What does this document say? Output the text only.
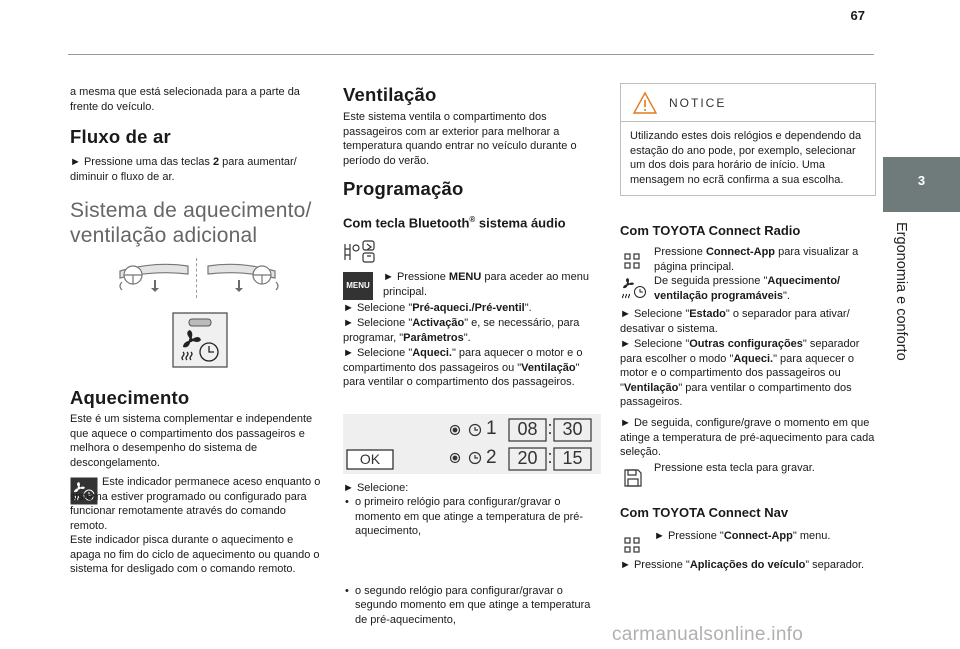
67
3
Ergonomia e conforto

a mesma que está selecionada para a parte da frente do veículo.

Fluxo de ar

► Pressione uma das teclas 2 para aumentar/ diminuir o fluxo de ar.

Sistema de aquecimento/
ventilação adicional
Aquecimento

Este é um sistema complementar e independente que aquece o compartimento dos passageiros e melhora o desempenho do sistema de descongelamento.

Este indicador permanece aceso enquanto o sistema estiver programado ou configurado para funcionar remotamente através do comando remoto.

Este indicador pisca durante o aquecimento e apaga no fim do ciclo de aquecimento ou quando o sistema for desligado com o comando remoto.

Ventilação

Este sistema ventila o compartimento dos passageiros com ar exterior para melhorar a temperatura quando entrar no veículo durante o período do verão.

Programação
Com tecla Bluetooth® sistema áudio
MENU

► Pressione MENU para aceder ao menu principal.

► Selecione "Pré-aqueci./Pré-ventil".

► Selecione "Activação" e, se necessário, para programar, "Parâmetros".

► Selecione "Aqueci." para aquecer o motor e o compartimento dos passageiros ou "Ventilação" para ventilar o compartimento dos passageiros.

OK
1
2
08 : 30
20 : 15

► Selecione:

• o primeiro relógio para configurar/gravar o momento em que atinge a temperatura de pré-aquecimento,

• o segundo relógio para configurar/gravar o segundo momento em que atinge a temperatura de pré-aquecimento,

NOTICE

Utilizando estes dois relógios e dependendo da estação do ano pode, por exemplo, selecionar um dos dois para horário de início. Uma mensagem no ecrã confirma a sua escolha.

Com TOYOTA Connect Radio

Pressione Connect-App para visualizar a página principal.

De seguida pressione "Aquecimento/ ventilação programáveis".

► Selecione "Estado" o separador para ativar/ desativar o sistema.

► Selecione "Outras configurações" separador para escolher o modo "Aqueci." para aquecer o motor e o compartimento dos passageiros ou "Ventilação" para ventilar o compartimento dos passageiros.

► De seguida, configure/grave o momento em que atinge a temperatura de pré-aquecimento para cada seleção.

Pressione esta tecla para gravar.

Com TOYOTA Connect Nav

► Pressione "Connect-App" menu.

► Pressione "Aplicações do veículo” separador.

carmanualsonline.info
